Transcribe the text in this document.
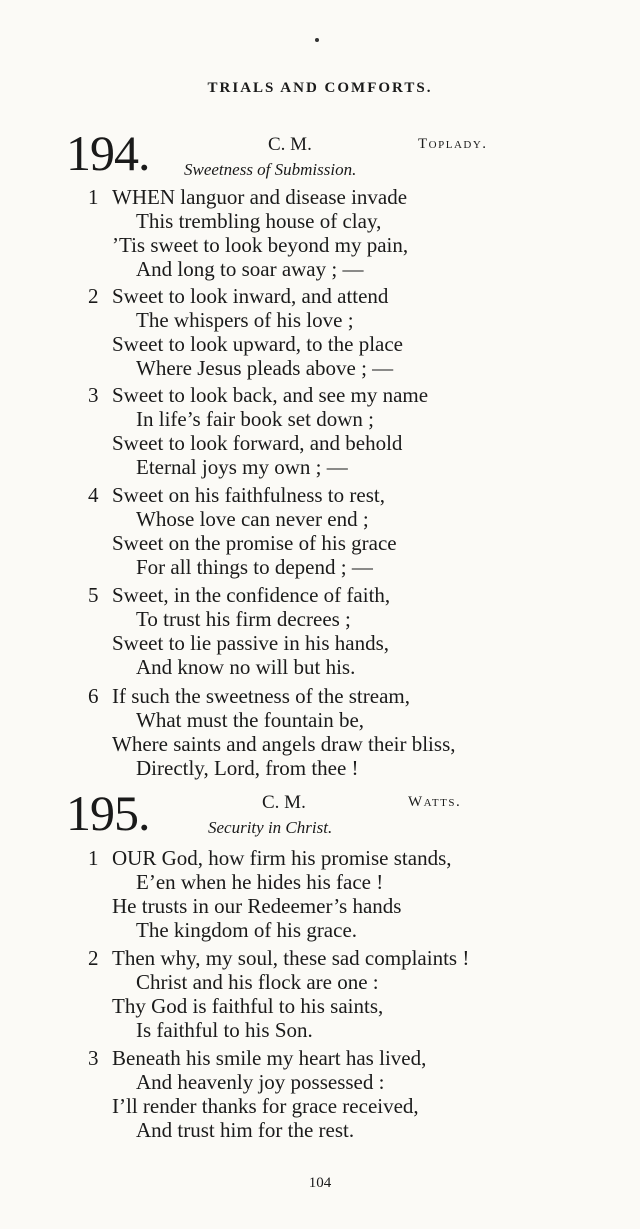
TRIALS AND COMFORTS.
194.	C. M.	Toplady.
Sweetness of Submission.
1 WHEN languor and disease invade
This trembling house of clay,
’Tis sweet to look beyond my pain,
And long to soar away ; —
2 Sweet to look inward, and attend
The whispers of his love ;
Sweet to look upward, to the place
Where Jesus pleads above ; —
3 Sweet to look back, and see my name
In life’s fair book set down ;
Sweet to look forward, and behold
Eternal joys my own ; —
4 Sweet on his faithfulness to rest,
Whose love can never end ;
Sweet on the promise of his grace
For all things to depend ; —
5 Sweet, in the confidence of faith,
To trust his firm decrees ;
Sweet to lie passive in his hands,
And know no will but his.
6 If such the sweetness of the stream,
What must the fountain be,
Where saints and angels draw their bliss,
Directly, Lord, from thee !
195.	C. M.	Watts.
Security in Christ.
1 OUR God, how firm his promise stands,
E’en when he hides his face !
He trusts in our Redeemer’s hands
The kingdom of his grace.
2 Then why, my soul, these sad complaints !
Christ and his flock are one :
Thy God is faithful to his saints,
Is faithful to his Son.
3 Beneath his smile my heart has lived,
And heavenly joy possessed :
I’ll render thanks for grace received,
And trust him for the rest.
104
